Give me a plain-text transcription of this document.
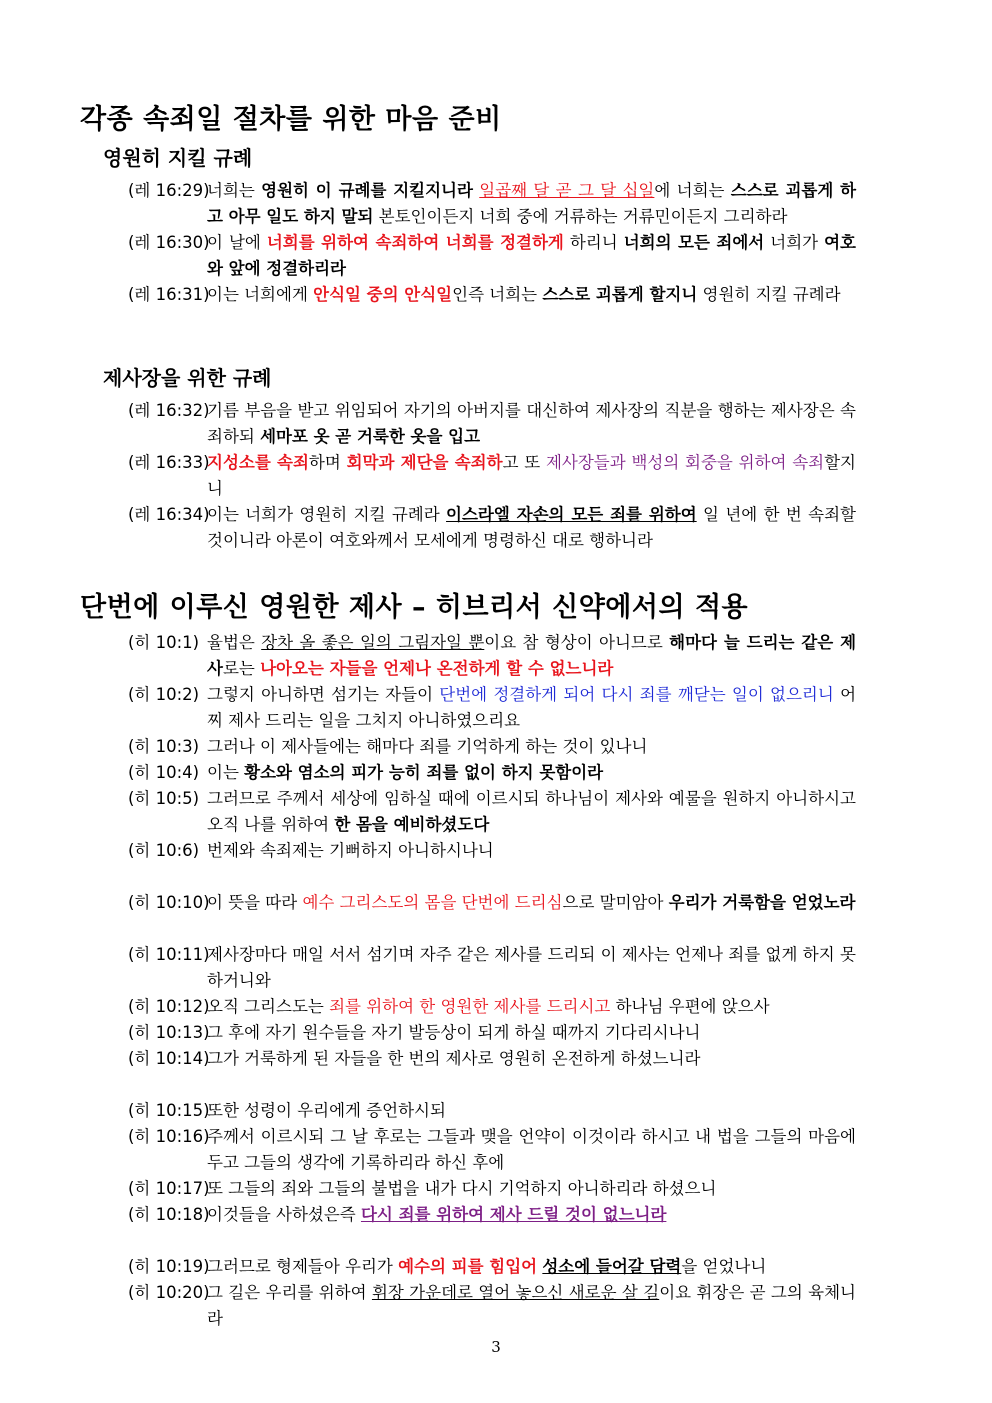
각종 속죄일 절차를 위한 마음 준비
영원히 지킬 규례
(레 16:29)
너희는 영원히 이 규례를 지킬지니라 일곱째 달 곧 그 달 십일에 너희는 스스로 괴롭게 하고 아무 일도 하지 말되 본토인이든지 너희 중에 거류하는 거류민이든지 그리하라
(레 16:30)
이 날에 너희를 위하여 속죄하여 너희를 정결하게 하리니 너희의 모든 죄에서 너희가 여호와 앞에 정결하리라
(레 16:31)
이는 너희에게 안식일 중의 안식일인즉 너희는 스스로 괴롭게 할지니 영원히 지킬 규례라
제사장을 위한 규례
(레 16:32)
기름 부음을 받고 위임되어 자기의 아버지를 대신하여 제사장의 직분을 행하는 제사장은 속죄하되 세마포 옷 곧 거룩한 옷을 입고
(레 16:33)
지성소를 속죄하며 회막과 제단을 속죄하고 또 제사장들과 백성의 회중을 위하여 속죄할지니
(레 16:34)
이는 너희가 영원히 지킬 규례라 이스라엘 자손의 모든 죄를 위하여 일 년에 한 번 속죄할 것이니라 아론이 여호와께서 모세에게 명령하신 대로 행하니라
단번에 이루신 영원한 제사 – 히브리서 신약에서의 적용
(히 10:1) 율법은 장차 올 좋은 일의 그림자일 뿐이요 참 형상이 아니므로 해마다 늘 드리는 같은 제사로는 나아오는 자들을 언제나 온전하게 할 수 없느니라
(히 10:2) 그렇지 아니하면 섬기는 자들이 단번에 정결하게 되어 다시 죄를 깨닫는 일이 없으리니 어찌 제사 드리는 일을 그치지 아니하였으리요
(히 10:3) 그러나 이 제사들에는 해마다 죄를 기억하게 하는 것이 있나니
(히 10:4) 이는 황소와 염소의 피가 능히 죄를 없이 하지 못함이라
(히 10:5) 그러므로 주께서 세상에 임하실 때에 이르시되 하나님이 제사와 예물을 원하지 아니하시고 오직 나를 위하여 한 몸을 예비하셨도다
(히 10:6) 번제와 속죄제는 기뻐하지 아니하시나니
(히 10:10)
이 뜻을 따라 예수 그리스도의 몸을 단번에 드리심으로 말미암아 우리가 거룩함을 얻었노라
(히 10:11)
제사장마다 매일 서서 섬기며 자주 같은 제사를 드리되 이 제사는 언제나 죄를 없게 하지 못하거니와
(히 10:12)
오직 그리스도는 죄를 위하여 한 영원한 제사를 드리시고 하나님 우편에 앉으사
(히 10:13)
그 후에 자기 원수들을 자기 발등상이 되게 하실 때까지 기다리시나니
(히 10:14)
그가 거룩하게 된 자들을 한 번의 제사로 영원히 온전하게 하셨느니라
(히 10:15)
또한 성령이 우리에게 증언하시되
(히 10:16)
주께서 이르시되 그 날 후로는 그들과 맺을 언약이 이것이라 하시고 내 법을 그들의 마음에 두고 그들의 생각에 기록하리라 하신 후에
(히 10:17)
또 그들의 죄와 그들의 불법을 내가 다시 기억하지 아니하리라 하셨으니
(히 10:18)
이것들을 사하셨은즉 다시 죄를 위하여 제사 드릴 것이 없느니라
(히 10:19)
그러므로 형제들아 우리가 예수의 피를 힘입어 성소에 들어갈 담력을 얻었나니
(히 10:20)
그 길은 우리를 위하여 휘장 가운데로 열어 놓으신 새로운 살 길이요 휘장은 곧 그의 육체니라
3
